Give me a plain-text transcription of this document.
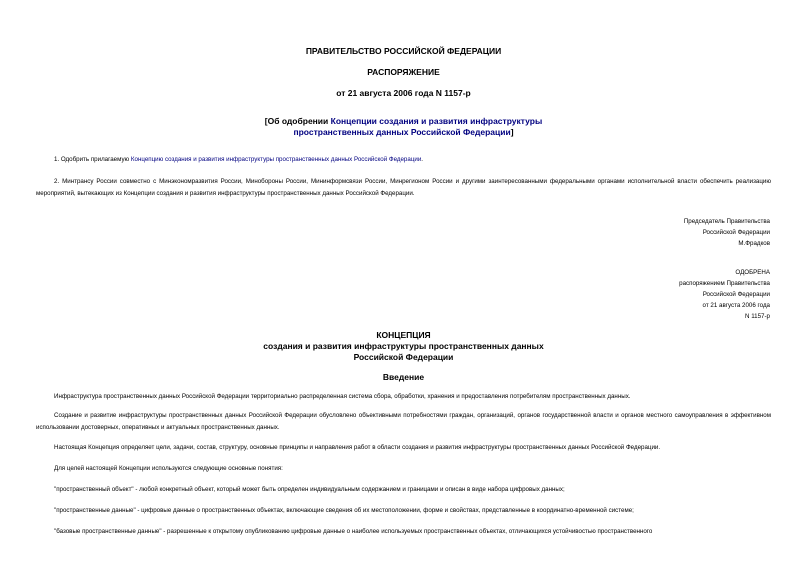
ПРАВИТЕЛЬСТВО РОССИЙСКОЙ ФЕДЕРАЦИИ
РАСПОРЯЖЕНИЕ
от 21 августа 2006 года N 1157-р
[Об одобрении Концепции создания и развития инфраструктуры
пространственных данных Российской Федерации]
1. Одобрить прилагаемую Концепцию создания и развития инфраструктуры пространственных данных Российской Федерации.
2. Минтрансу России совместно с Минэкономразвития России, Минобороны России, Мининформсвязи России, Минрегионом России и другими заинтересованными федеральными органами исполнительной власти обеспечить реализацию мероприятий, вытекающих из Концепции создания и развития инфраструктуры пространственных данных Российской Федерации.
Председатель Правительства
Российской Федерации
М.Фрадков
ОДОБРЕНА
распоряжением Правительства
Российской Федерации
от 21 августа 2006 года
N 1157-р
КОНЦЕПЦИЯ
создания и развития инфраструктуры пространственных данных
Российской Федерации
Введение
Инфраструктура пространственных данных Российской Федерации территориально распределенная система сбора, обработки, хранения и предоставления потребителям пространственных данных.
Создание и развитие инфраструктуры пространственных данных Российской Федерации обусловлено объективными потребностями граждан, организаций, органов государственной власти и органов местного самоуправления в эффективном использовании достоверных, оперативных и актуальных пространственных данных.
Настоящая Концепция определяет цели, задачи, состав, структуру, основные принципы и направления работ в области создания и развития инфраструктуры пространственных данных Российской Федерации.
Для целей настоящей Концепции используются следующие основные понятия:
"пространственный объект" - любой конкретный объект, который может быть определен индивидуальным содержанием и границами и описан в виде набора цифровых данных;
"пространственные данные" - цифровые данные о пространственных объектах, включающие сведения об их местоположении, форме и свойствах, представленные в координатно-временной системе;
"базовые пространственные данные" - разрешенные к открытому опубликованию цифровые данные о наиболее используемых пространственных объектах, отличающихся устойчивостью пространственного
